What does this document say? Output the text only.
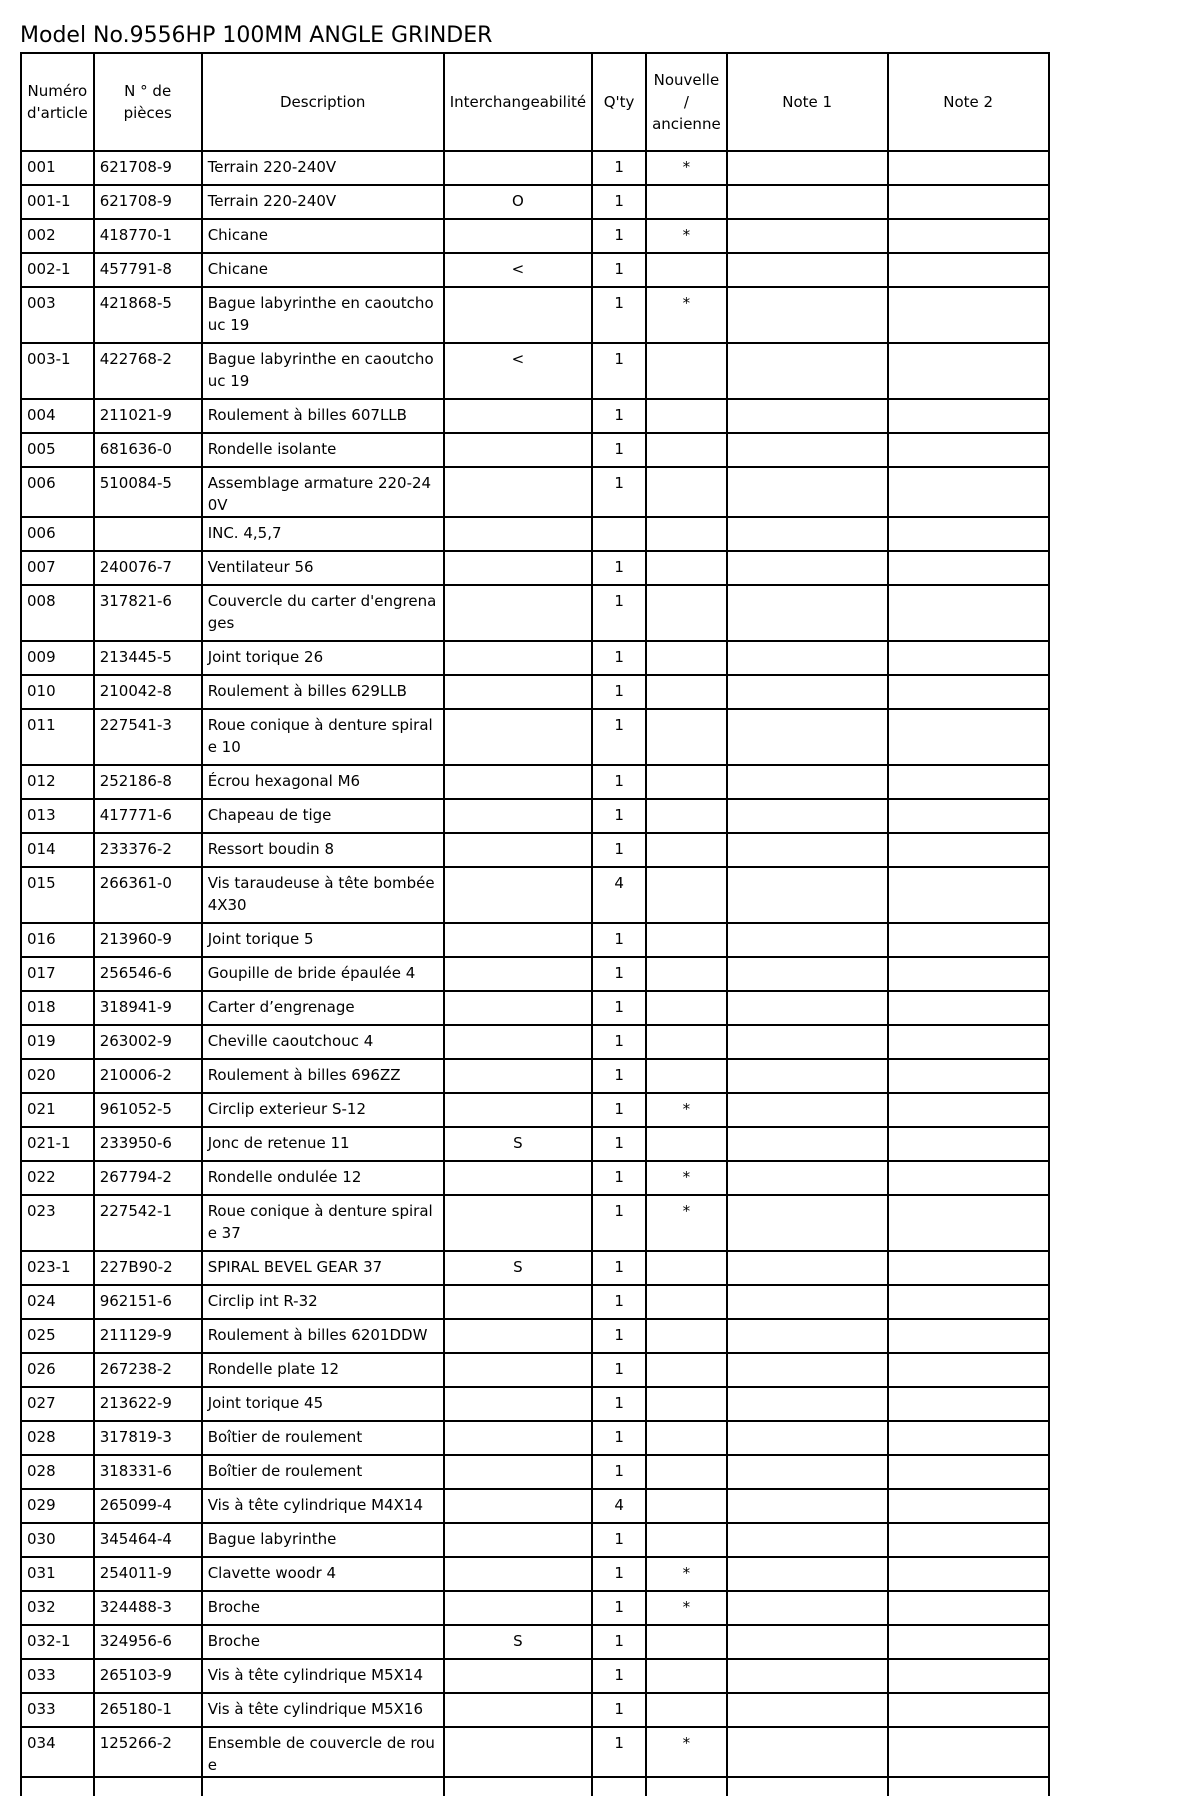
Model No.9556HP 100MM ANGLE GRINDER
Numéro d'article	N ° de pièces	Description	Interchangeabilité	Q'ty	Nouvelle / ancienne	Note 1	Note 2
001	621708-9	Terrain 220-240V		1	*		
001-1	621708-9	Terrain 220-240V	O	1			
002	418770-1	Chicane		1	*		
002-1	457791-8	Chicane	<	1			
003	421868-5	Bague labyrinthe en caoutchouc 19		1	*		
003-1	422768-2	Bague labyrinthe en caoutchouc 19	<	1			
004	211021-9	Roulement à billes 607LLB		1			
005	681636-0	Rondelle isolante		1			
006	510084-5	Assemblage armature 220-240V		1			
006		INC. 4,5,7					
007	240076-7	Ventilateur 56		1			
008	317821-6	Couvercle du carter d'engrenages		1			
009	213445-5	Joint torique 26		1			
010	210042-8	Roulement à billes 629LLB		1			
011	227541-3	Roue conique à denture spirale 10		1			
012	252186-8	Écrou hexagonal M6		1			
013	417771-6	Chapeau de tige		1			
014	233376-2	Ressort boudin 8		1			
015	266361-0	Vis taraudeuse à tête bombée 4X30		4			
016	213960-9	Joint torique 5		1			
017	256546-6	Goupille de bride épaulée 4		1			
018	318941-9	Carter d’engrenage		1			
019	263002-9	Cheville caoutchouc 4		1			
020	210006-2	Roulement à billes 696ZZ		1			
021	961052-5	Circlip exterieur S-12		1	*		
021-1	233950-6	Jonc de retenue 11	S	1			
022	267794-2	Rondelle ondulée 12		1	*		
023	227542-1	Roue conique à denture spirale 37		1	*		
023-1	227B90-2	SPIRAL BEVEL GEAR 37	S	1			
024	962151-6	Circlip int R-32		1			
025	211129-9	Roulement à billes 6201DDW		1			
026	267238-2	Rondelle plate 12		1			
027	213622-9	Joint torique 45		1			
028	317819-3	Boîtier de roulement		1			
028	318331-6	Boîtier de roulement		1			
029	265099-4	Vis à tête cylindrique M4X14		4			
030	345464-4	Bague labyrinthe		1			
031	254011-9	Clavette woodr 4		1	*		
032	324488-3	Broche		1	*		
032-1	324956-6	Broche	S	1			
033	265103-9	Vis à tête cylindrique M5X14		1			
033	265180-1	Vis à tête cylindrique M5X16		1			
034	125266-2	Ensemble de couvercle de roue		1	*		
